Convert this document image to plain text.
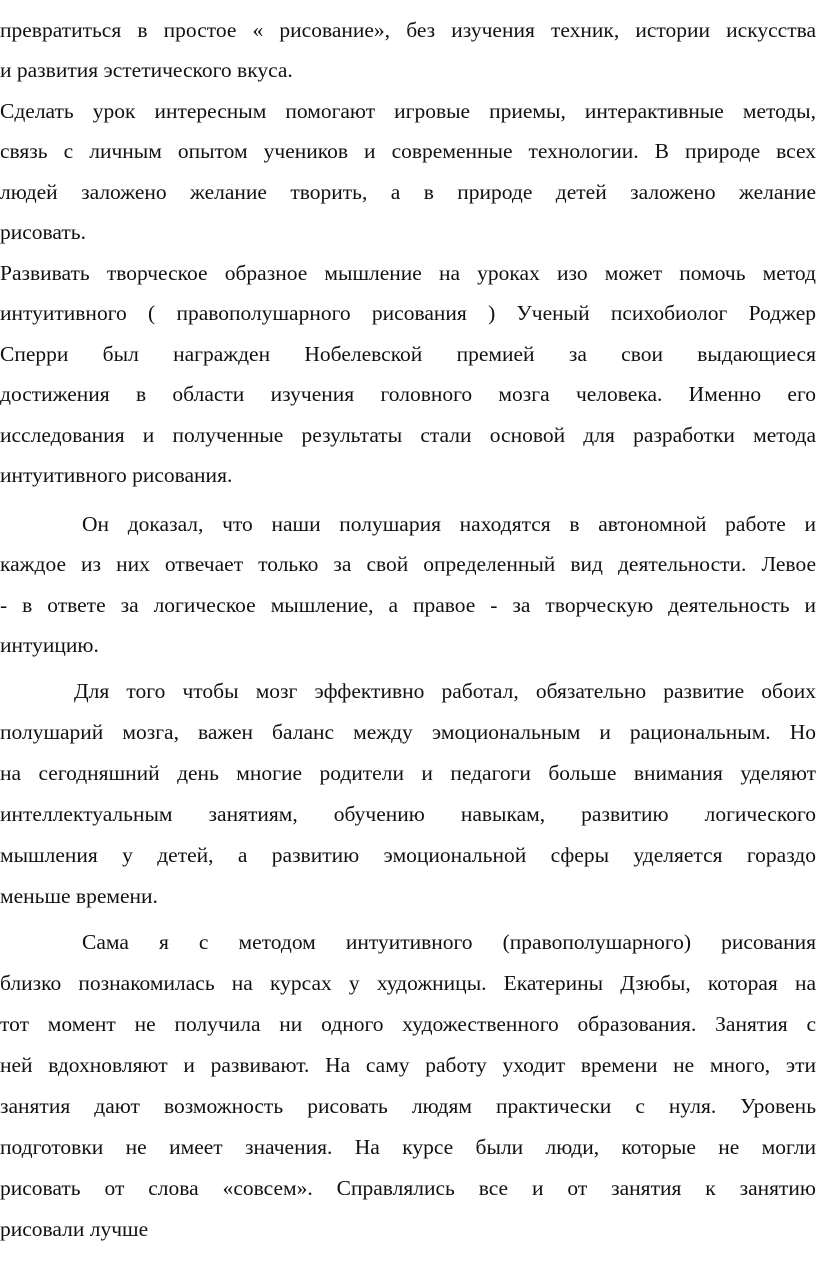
превратиться в простое « рисование», без изучения техник, истории искусства
и развития эстетического вкуса.
Сделать урок интересным помогают игровые приемы, интерактивные методы,
связь с личным опытом учеников и современные технологии. В природе всех
людей заложено желание творить, а в природе детей заложено желание
рисовать.
Развивать творческое образное мышление на уроках изо может помочь метод
интуитивного ( правополушарного рисования ) Ученый психобиолог Роджер
Сперри был награжден Нобелевской премией за свои выдающиеся
достижения в области изучения головного мозга человека. Именно его
исследования и полученные результаты стали основой для разработки метода
интуитивного рисования.
Он доказал, что наши полушария находятся в автономной работе и
каждое из них отвечает только за свой определенный вид деятельности. Левое
- в ответе за логическое мышление, а правое - за творческую деятельность и
интуицию.
Для того чтобы мозг эффективно работал, обязательно развитие обоих
полушарий мозга, важен баланс между эмоциональным и рациональным. Но
на сегодняшний день многие родители и педагоги больше внимания уделяют
интеллектуальным занятиям, обучению навыкам, развитию логического
мышления у детей, а развитию эмоциональной сферы уделяется гораздо
меньше времени.
Сама я с методом интуитивного (правополушарного) рисования
близко познакомилась на курсах у художницы. Екатерины Дзюбы, которая на
тот момент не получила ни одного художественного образования. Занятия с
ней вдохновляют и развивают. На саму работу уходит времени не много, эти
занятия дают возможность рисовать людям практически с нуля. Уровень
подготовки не имеет значения. На курсе были люди, которые не могли
рисовать от слова «совсем». Справлялись все и от занятия к занятию
рисовали лучше
